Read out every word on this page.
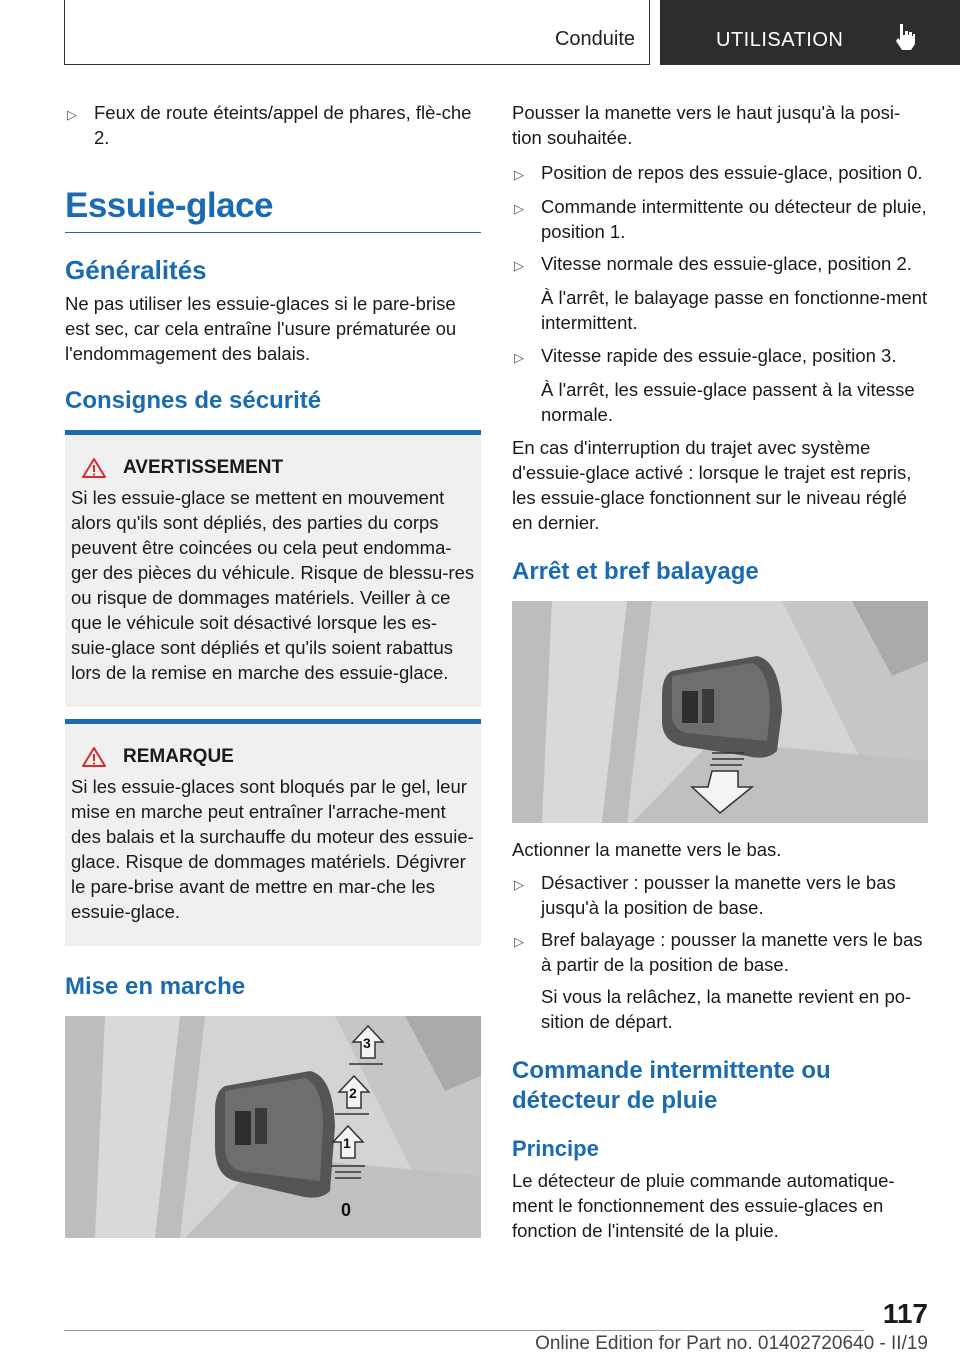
Conduite	UTILISATION
▷ Feux de route éteints/appel de phares, flè-che 2.
Essuie-glace
Généralités

Ne pas utiliser les essuie-glaces si le pare-brise est sec, car cela entraîne l'usure prématurée ou l'endommagement des balais.

Consignes de sécurité
AVERTISSEMENT
Si les essuie-glace se mettent en mouvement alors qu'ils sont dépliés, des parties du corps peuvent être coincées ou cela peut endomma-ger des pièces du véhicule. Risque de blessu-res ou risque de dommages matériels. Veiller à ce que le véhicule soit désactivé lorsque les es-suie-glace sont dépliés et qu'ils soient rabattus lors de la remise en marche des essuie-glace.
REMARQUE
Si les essuie-glaces sont bloqués par le gel, leur mise en marche peut entraîner l'arrache-ment des balais et la surchauffe du moteur des essuie-glace. Risque de dommages matériels. Dégivrer le pare-brise avant de mettre en mar-che les essuie-glace.
Mise en marche
3
2
1
0

Pousser la manette vers le haut jusqu'à la posi-tion souhaitée.

▷ Position de repos des essuie-glace, position 0.
▷ Commande intermittente ou détecteur de pluie, position 1.
▷ Vitesse normale des essuie-glace, position 2.
À l'arrêt, le balayage passe en fonctionne-ment intermittent.
▷ Vitesse rapide des essuie-glace, position 3.
À l'arrêt, les essuie-glace passent à la vitesse normale.

En cas d'interruption du trajet avec système d'essuie-glace activé : lorsque le trajet est repris, les essuie-glace fonctionnent sur le niveau réglé en dernier.

Arrêt et bref balayage

Actionner la manette vers le bas.

▷ Désactiver : pousser la manette vers le bas jusqu'à la position de base.
▷ Bref balayage : pousser la manette vers le bas à partir de la position de base.
Si vous la relâchez, la manette revient en po-sition de départ.
Commande intermittente ou détecteur de pluie
Principe

Le détecteur de pluie commande automatique-ment le fonctionnement des essuie-glaces en fonction de l'intensité de la pluie.

117
Online Edition for Part no. 01402720640 - II/19
